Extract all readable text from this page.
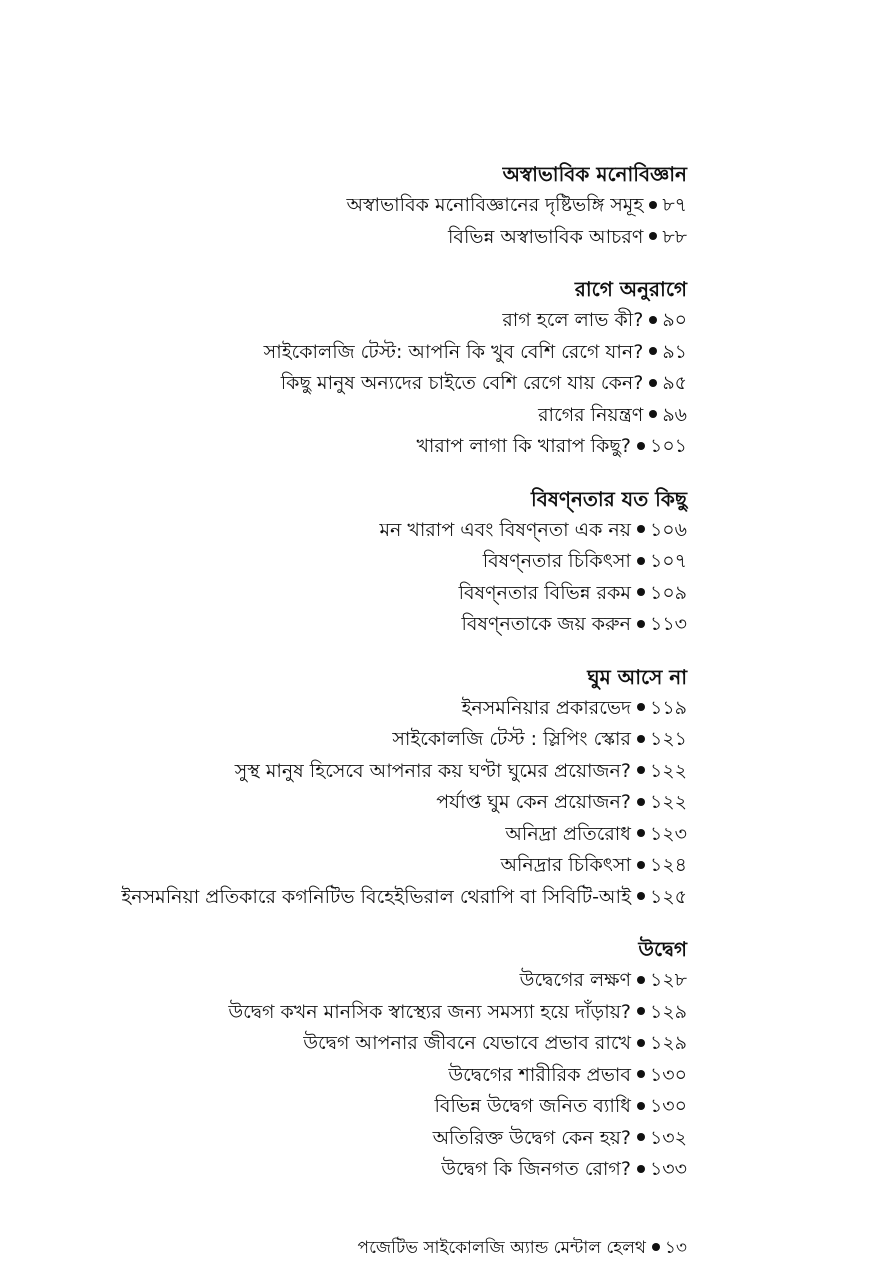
অস্বাভাবিক মনোবিজ্ঞান
অস্বাভাবিক মনোবিজ্ঞানের দৃষ্টিভঙ্গি সমূহ ৮৭
বিভিন্ন অস্বাভাবিক আচরণ ৮৮
রাগে অনুরাগে
রাগ হলে লাভ কী? ৯০
সাইকোলজি টেস্ট: আপনি কি খুব বেশি রেগে যান? ৯১
কিছু মানুষ অন্যদের চাইতে বেশি রেগে যায় কেন? ৯৫
রাগের নিয়ন্ত্রণ ৯৬
খারাপ লাগা কি খারাপ কিছু? ১০১
বিষণ্নতার যত কিছু
মন খারাপ এবং বিষণ্নতা এক নয় ১০৬
বিষণ্নতার চিকিৎসা ১০৭
বিষণ্নতার বিভিন্ন রকম ১০৯
বিষণ্নতাকে জয় করুন ১১৩
ঘুম আসে না
ইনসমনিয়ার প্রকারভেদ ১১৯
সাইকোলজি টেস্ট : স্লিপিং স্কোর ১২১
সুস্থ মানুষ হিসেবে আপনার কয় ঘণ্টা ঘুমের প্রয়োজন? ১২২
পর্যাপ্ত ঘুম কেন প্রয়োজন? ১২২
অনিদ্রা প্রতিরোধ ১২৩
অনিদ্রার চিকিৎসা ১২৪
ইনসমনিয়া প্রতিকারে কগনিটিভ বিহেইভিরাল থেরাপি বা সিবিটি-আই ১২৫
উদ্বেগ
উদ্বেগের লক্ষণ ১২৮
উদ্বেগ কখন মানসিক স্বাস্থ্যের জন্য সমস্যা হয়ে দাঁড়ায়? ১২৯
উদ্বেগ আপনার জীবনে যেভাবে প্রভাব রাখে ১২৯
উদ্বেগের শারীরিক প্রভাব ১৩০
বিভিন্ন উদ্বেগ জনিত ব্যাধি ১৩০
অতিরিক্ত উদ্বেগ কেন হয়? ১৩২
উদ্বেগ কি জিনগত রোগ? ১৩৩
পজেটিভ সাইকোলজি অ্যান্ড মেন্টাল হেলথ ১৩
